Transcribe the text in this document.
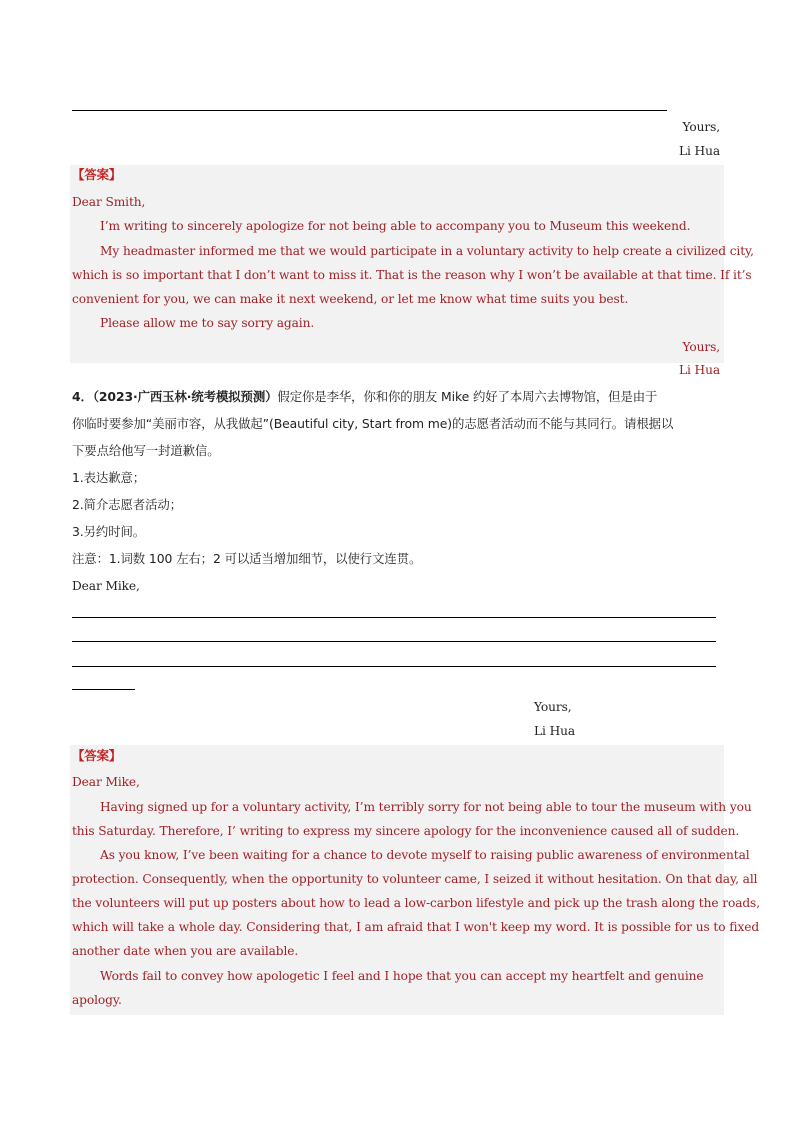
Yours,
Li Hua
【答案】
Dear Smith,
I’m writing to sincerely apologize for not being able to accompany you to Museum this weekend.
My headmaster informed me that we would participate in a voluntary activity to help create a civilized city,
which is so important that I don’t want to miss it. That is the reason why I won’t be available at that time. If it’s
convenient for you, we can make it next weekend, or let me know what time suits you best.
Please allow me to say sorry again.
Yours,
Li Hua
4．（2023·广西玉林·统考模拟预测）假定你是李华，你和你的朋友 Mike 约好了本周六去博物馆，但是由于
你临时要参加“美丽市容，从我做起”(Beautiful city, Start from me)的志愿者活动而不能与其同行。请根据以
下要点给他写一封道歉信。
1.表达歉意；
2.简介志愿者活动；
3.另约时间。
注意：1.词数 100 左右；2 可以适当增加细节，以使行文连贯。
Dear Mike,
Yours,
Li Hua
【答案】
Dear Mike,
Having signed up for a voluntary activity, I’m terribly sorry for not being able to tour the museum with you
this Saturday. Therefore, I’ writing to express my sincere apology for the inconvenience caused all of sudden.
As you know, I’ve been waiting for a chance to devote myself to raising public awareness of environmental
protection. Consequently, when the opportunity to volunteer came, I seized it without hesitation. On that day, all
the volunteers will put up posters about how to lead a low-carbon lifestyle and pick up the trash along the roads,
which will take a whole day. Considering that, I am afraid that I won't keep my word. It is possible for us to fixed
another date when you are available.
Words fail to convey how apologetic I feel and I hope that you can accept my heartfelt and genuine
apology.
